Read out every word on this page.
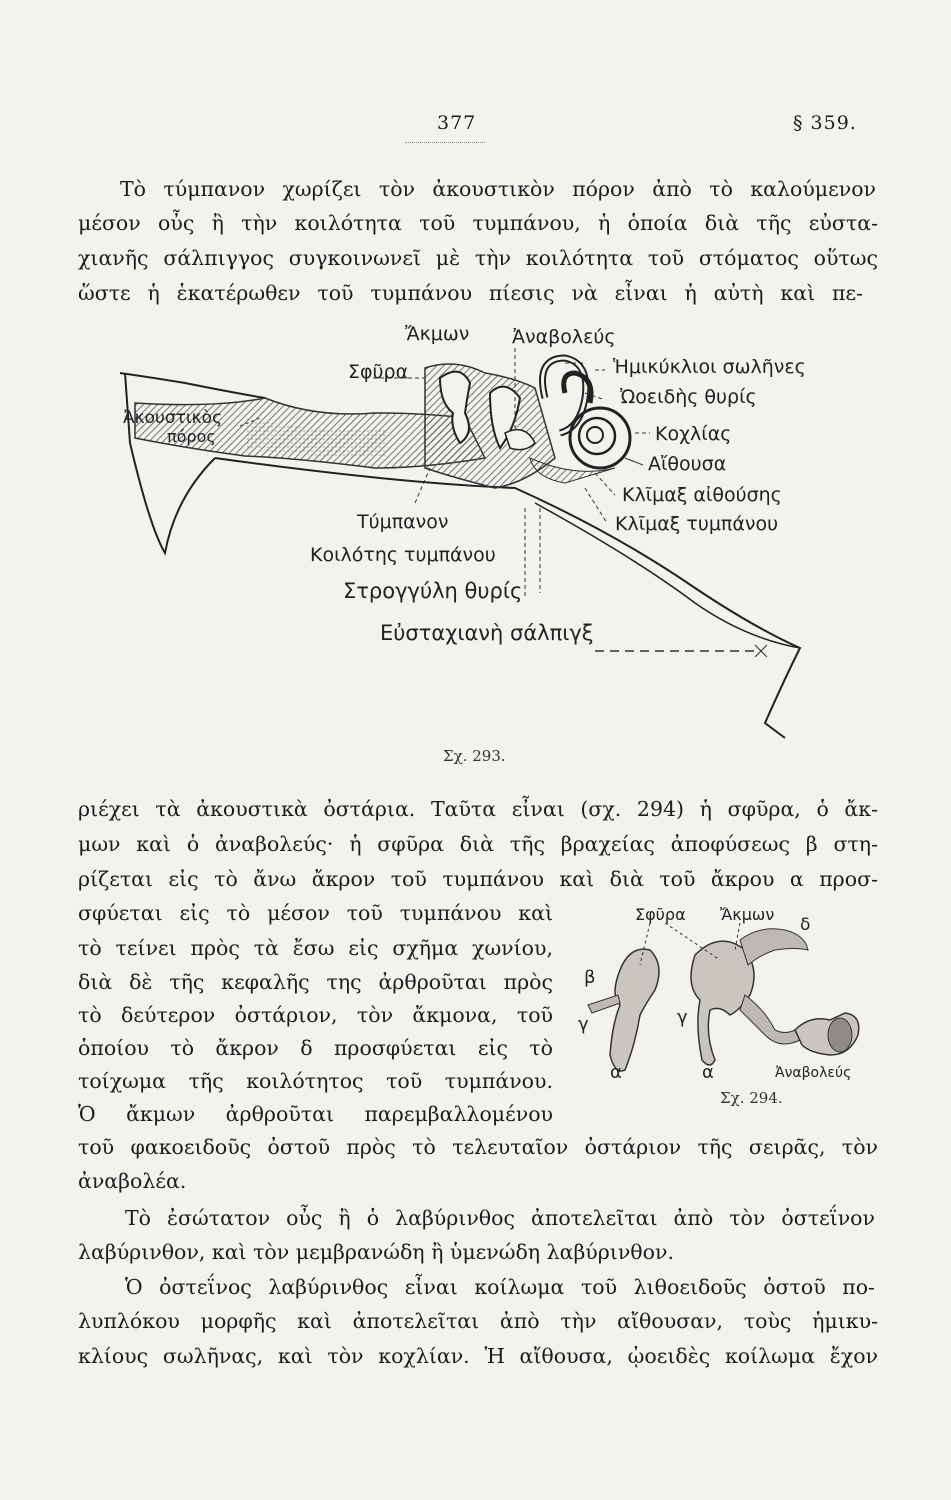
377	§ 359.
Τὸ τύμπανον χωρίζει τὸν ἀκουστικὸν πόρον ἀπὸ τὸ καλούμενον
μέσον οὖς ἢ τὴν κοιλότητα τοῦ τυμπάνου, ἡ ὁποία διὰ τῆς εὐστα-
χιανῆς σάλπιγγος συγκοινωνεῖ μὲ τὴν κοιλότητα τοῦ στόματος οὕτως
ὥστε ἡ ἑκατέρωθεν τοῦ τυμπάνου πίεσις νὰ εἶναι ἡ αὐτὴ καὶ πε-
Ἄκμων Ἀναβολεύς
Σφῦρα	Ἡμικύκλιοι σωλῆνες
Ὠοειδὴς θυρίς
Κοχλίας
Αἴθουσα
Ἀκουστικὸς
πόρος
Κλῖμαξ αἰθούσης
Κλῖμαξ τυμπάνου
Τύμπανον
Κοιλότης τυμπάνου
Στρογγύλη θυρίς
Εὐσταχιανὴ σάλπιγξ
Σχ. 293.
ριέχει τὰ ἀκουστικὰ ὀστάρια. Ταῦτα εἶναι (σχ. 294) ἡ σφῦρα, ὁ ἄκ-
μων καὶ ὁ ἀναβολεύς· ἡ σφῦρα διὰ τῆς βραχείας ἀποφύσεως β στη-
ρίζεται εἰς τὸ ἄνω ἄκρον τοῦ τυμπάνου καὶ διὰ τοῦ ἄκρου α προσ-
σφύεται εἰς τὸ μέσον τοῦ τυμπάνου καὶ
τὸ τείνει πρὸς τὰ ἔσω εἰς σχῆμα χωνίου,
διὰ δὲ τῆς κεφαλῆς της ἀρθροῦται πρὸς
τὸ δεύτερον ὀστάριον, τὸν ἄκμονα, τοῦ
ὁποίου τὸ ἄκρον δ προσφύεται εἰς τὸ
τοίχωμα τῆς κοιλότητος τοῦ τυμπάνου.
Ὁ ἄκμων ἀρθροῦται παρεμβαλλομένου
Σφῦρα Ἄκμων
δ
β
γ	γ
α	α	Ἀναβολεύς
Σχ. 294.
τοῦ φακοειδοῦς ὀστοῦ πρὸς τὸ τελευταῖον ὀστάριον τῆς σειρᾶς, τὸν
ἀναβολέα.
Τὸ ἐσώτατον οὖς ἢ ὁ λαβύρινθος ἀποτελεῖται ἀπὸ τὸν ὀστεΐνον
λαβύρινθον, καὶ τὸν μεμβρανώδη ἢ ὑμενώδη λαβύρινθον.
Ὁ ὀστεΐνος λαβύρινθος εἶναι κοίλωμα τοῦ λιθοειδοῦς ὀστοῦ πο-
λυπλόκου μορφῆς καὶ ἀποτελεῖται ἀπὸ τὴν αἴθουσαν, τοὺς ἡμικυ-
κλίους σωλῆνας, καὶ τὸν κοχλίαν. Ἡ αἴθουσα, ᾠοειδὲς κοίλωμα ἔχον
